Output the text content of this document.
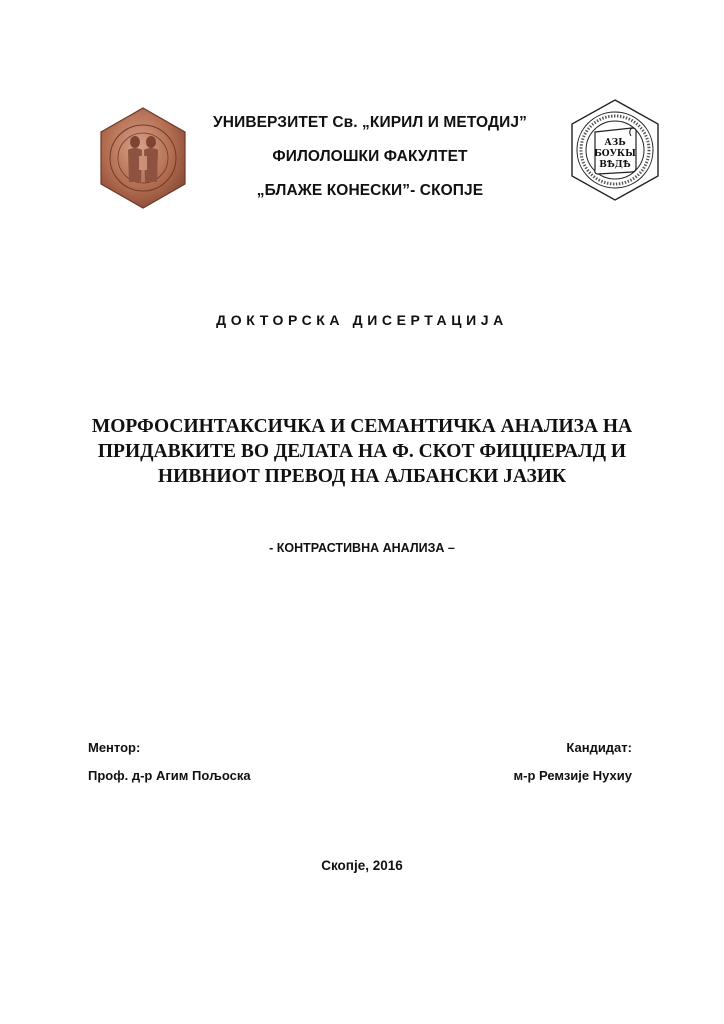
УНИВЕРЗИТЕТ Св. „КИРИЛ И МЕТОДИЈ”
ФИЛОЛОШКИ ФАКУЛТЕТ
„БЛАЖЕ КОНЕСКИ”- СКОПЈЕ
АЗЬ
БОУКЫ
ВѢДѢ
ДОКТОРСКА ДИСЕРТАЦИЈА
МОРФОСИНТАКСИЧКА И СЕМАНТИЧКА АНАЛИЗА НА
ПРИДАВКИТЕ ВО ДЕЛАТА НА Ф. СКОТ ФИЦЏЕРАЛД И
НИВНИОТ ПРЕВОД НА АЛБАНСКИ ЈАЗИК
- КОНТРАСТИВНА АНАЛИЗА –
Ментор:
Проф. д-р Агим Пољоска
Кандидат:
м-р Ремзије Нухиу
Скопје, 2016
